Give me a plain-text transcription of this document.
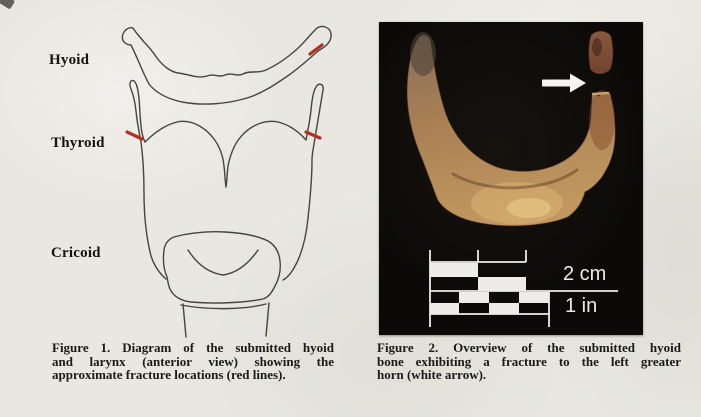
Hyoid
Thyroid
Cricoid
Figure 1. Diagram of the submitted hyoid
and larynx (anterior view) showing the
approximate fracture locations (red lines).
2 cm
1 in
Figure 2. Overview of the submitted hyoid
bone exhibiting a fracture to the left greater
horn (white arrow).
